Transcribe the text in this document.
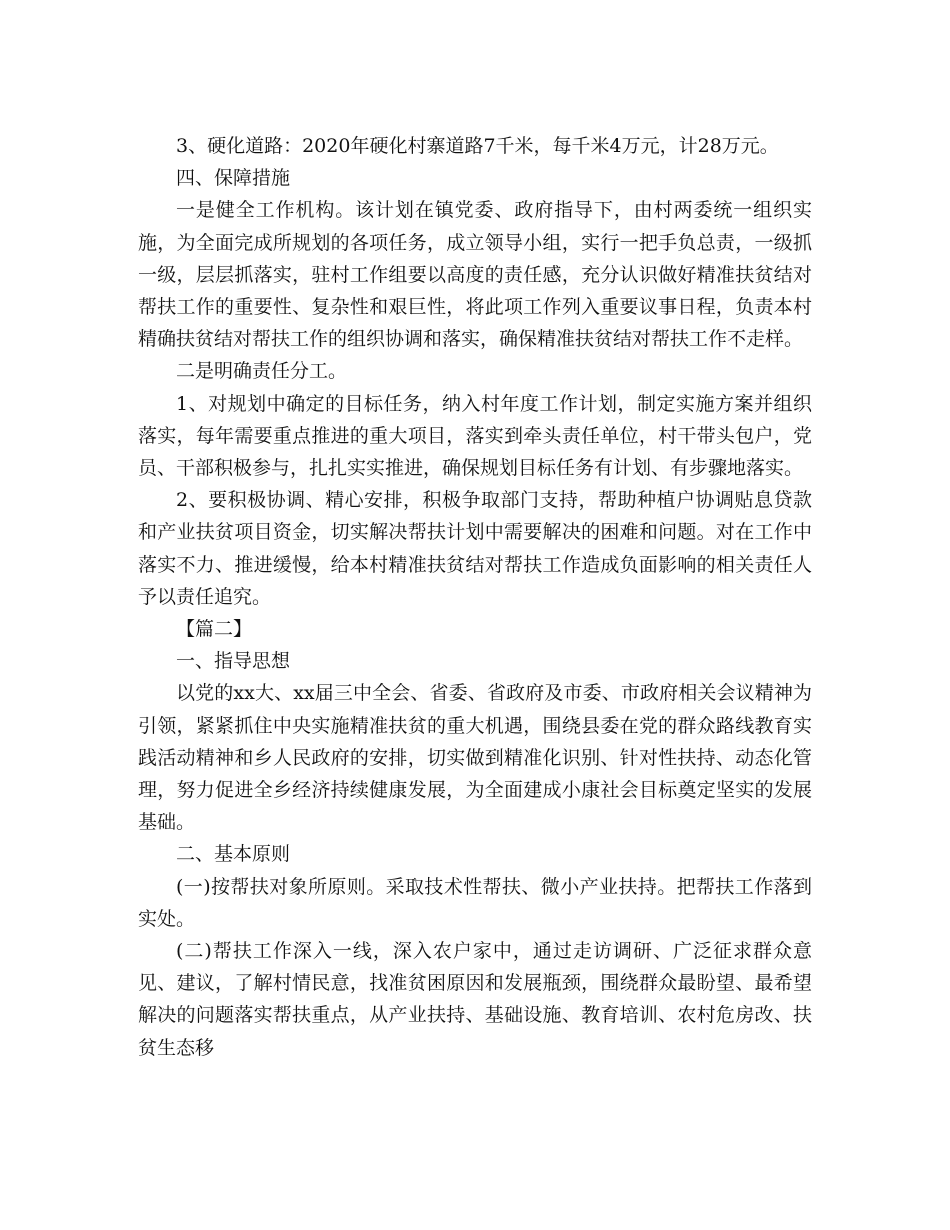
3、硬化道路：2020年硬化村寨道路7千米，每千米4万元，计28万元。

四、保障措施

一是健全工作机构。该计划在镇党委、政府指导下，由村两委统一组织实施，为全面完成所规划的各项任务，成立领导小组，实行一把手负总责，一级抓一级，层层抓落实，驻村工作组要以高度的责任感，充分认识做好精准扶贫结对帮扶工作的重要性、复杂性和艰巨性，将此项工作列入重要议事日程，负责本村精确扶贫结对帮扶工作的组织协调和落实，确保精准扶贫结对帮扶工作不走样。

二是明确责任分工。

1、对规划中确定的目标任务，纳入村年度工作计划，制定实施方案并组织落实，每年需要重点推进的重大项目，落实到牵头责任单位，村干带头包户，党员、干部积极参与，扎扎实实推进，确保规划目标任务有计划、有步骤地落实。

2、要积极协调、精心安排，积极争取部门支持，帮助种植户协调贴息贷款和产业扶贫项目资金，切实解决帮扶计划中需要解决的困难和问题。对在工作中落实不力、推进缓慢，给本村精准扶贫结对帮扶工作造成负面影响的相关责任人予以责任追究。

【篇二】

一、指导思想

以党的xx大、xx届三中全会、省委、省政府及市委、市政府相关会议精神为引领，紧紧抓住中央实施精准扶贫的重大机遇，围绕县委在党的群众路线教育实践活动精神和乡人民政府的安排，切实做到精准化识别、针对性扶持、动态化管理，努力促进全乡经济持续健康发展，为全面建成小康社会目标奠定坚实的发展基础。

二、基本原则

(一)按帮扶对象所原则。采取技术性帮扶、微小产业扶持。把帮扶工作落到实处。

(二)帮扶工作深入一线，深入农户家中，通过走访调研、广泛征求群众意见、建议，了解村情民意，找准贫困原因和发展瓶颈，围绕群众最盼望、最希望解决的问题落实帮扶重点，从产业扶持、基础设施、教育培训、农村危房改、扶贫生态移
